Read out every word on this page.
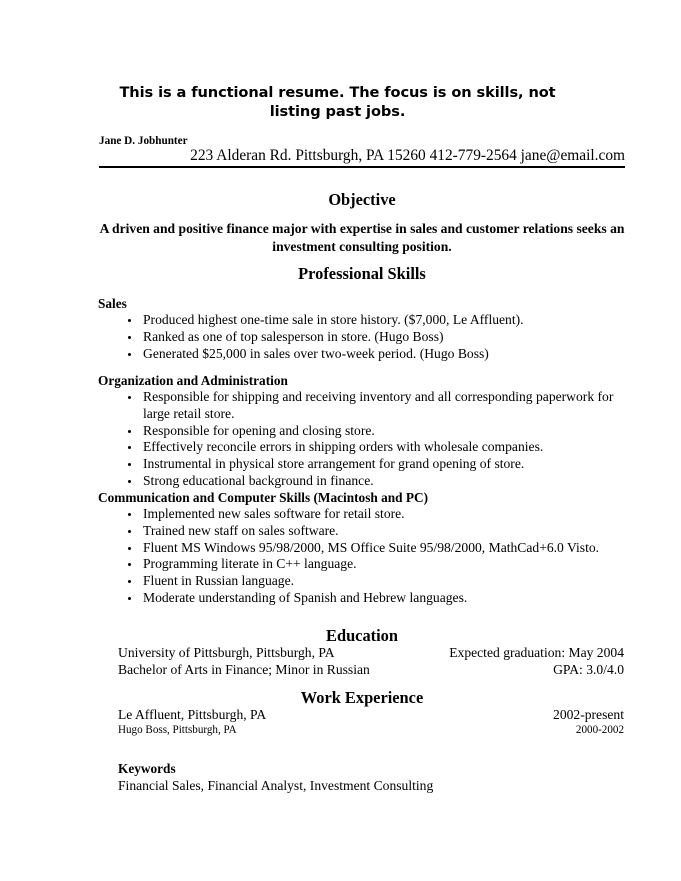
This is a functional resume. The focus is on skills, not listing past jobs.
Jane D. Jobhunter
223 Alderan Rd. Pittsburgh, PA 15260 412-779-2564 jane@email.com
Objective
A driven and positive finance major with expertise in sales and customer relations seeks an investment consulting position.
Professional Skills
Sales
Produced highest one-time sale in store history. ($7,000, Le Affluent).
Ranked as one of top salesperson in store. (Hugo Boss)
Generated $25,000 in sales over two-week period. (Hugo Boss)
Organization and Administration
Responsible for shipping and receiving inventory and all corresponding paperwork for large retail store.
Responsible for opening and closing store.
Effectively reconcile errors in shipping orders with wholesale companies.
Instrumental in physical store arrangement for grand opening of store.
Strong educational background in finance.
Communication and Computer Skills (Macintosh and PC)
Implemented new sales software for retail store.
Trained new staff on sales software.
Fluent MS Windows 95/98/2000, MS Office Suite 95/98/2000, MathCad+6.0 Visto.
Programming literate in C++ language.
Fluent in Russian language.
Moderate understanding of Spanish and Hebrew languages.
Education
University of Pittsburgh, Pittsburgh, PA	Expected graduation: May 2004
Bachelor of Arts in Finance; Minor in Russian	GPA: 3.0/4.0
Work Experience
Le Affluent, Pittsburgh, PA	2002-present
Hugo Boss, Pittsburgh, PA	2000-2002
Keywords
Financial Sales, Financial Analyst, Investment Consulting
